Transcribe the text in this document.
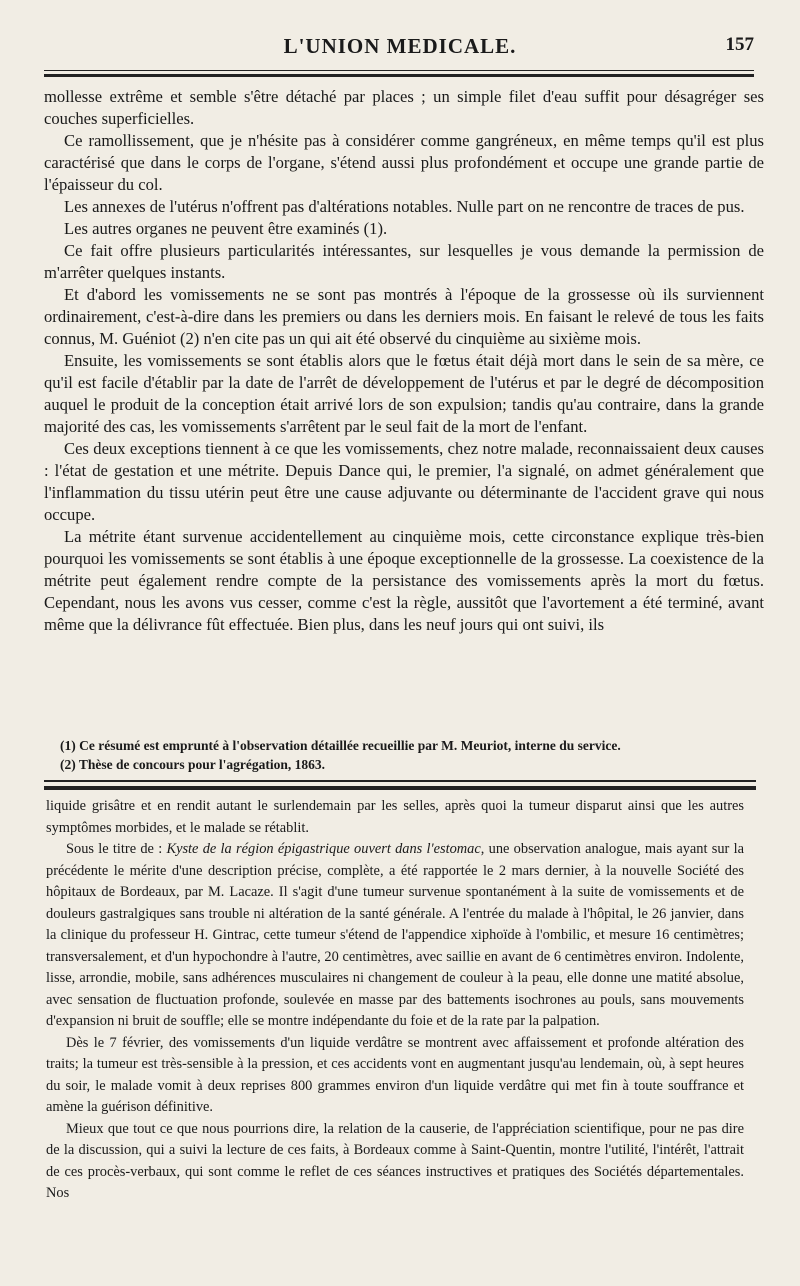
L'UNION MEDICALE.	157

mollesse extrême et semble s'être détaché par places ; un simple filet d'eau suffit pour désagréger ses couches superficielles.

Ce ramollissement, que je n'hésite pas à considérer comme gangréneux, en même temps qu'il est plus caractérisé que dans le corps de l'organe, s'étend aussi plus profondément et occupe une grande partie de l'épaisseur du col.

Les annexes de l'utérus n'offrent pas d'altérations notables. Nulle part on ne rencontre de traces de pus.

Les autres organes ne peuvent être examinés (1).

Ce fait offre plusieurs particularités intéressantes, sur lesquelles je vous demande la permission de m'arrêter quelques instants.

Et d'abord les vomissements ne se sont pas montrés à l'époque de la grossesse où ils surviennent ordinairement, c'est-à-dire dans les premiers ou dans les derniers mois. En faisant le relevé de tous les faits connus, M. Guéniot (2) n'en cite pas un qui ait été observé du cinquième au sixième mois.

Ensuite, les vomissements se sont établis alors que le fœtus était déjà mort dans le sein de sa mère, ce qu'il est facile d'établir par la date de l'arrêt de développement de l'utérus et par le degré de décomposition auquel le produit de la conception était arrivé lors de son expulsion; tandis qu'au contraire, dans la grande majorité des cas, les vomissements s'arrêtent par le seul fait de la mort de l'enfant.

Ces deux exceptions tiennent à ce que les vomissements, chez notre malade, reconnaissaient deux causes : l'état de gestation et une métrite. Depuis Dance qui, le premier, l'a signalé, on admet généralement que l'inflammation du tissu utérin peut être une cause adjuvante ou déterminante de l'accident grave qui nous occupe.

La métrite étant survenue accidentellement au cinquième mois, cette circonstance explique très-bien pourquoi les vomissements se sont établis à une époque exceptionnelle de la grossesse. La coexistence de la métrite peut également rendre compte de la persistance des vomissements après la mort du fœtus. Cependant, nous les avons vus cesser, comme c'est la règle, aussitôt que l'avortement a été terminé, avant même que la délivrance fût effectuée. Bien plus, dans les neuf jours qui ont suivi, ils

(1) Ce résumé est emprunté à l'observation détaillée recueillie par M. Meuriot, interne du service.

(2) Thèse de concours pour l'agrégation, 1863.

liquide grisâtre et en rendit autant le surlendemain par les selles, après quoi la tumeur disparut ainsi que les autres symptômes morbides, et le malade se rétablit.

Sous le titre de : Kyste de la région épigastrique ouvert dans l'estomac, une observation analogue, mais ayant sur la précédente le mérite d'une description précise, complète, a été rapportée le 2 mars dernier, à la nouvelle Société des hôpitaux de Bordeaux, par M. Lacaze. Il s'agit d'une tumeur survenue spontanément à la suite de vomissements et de douleurs gastralgiques sans trouble ni altération de la santé générale. A l'entrée du malade à l'hôpital, le 26 janvier, dans la clinique du professeur H. Gintrac, cette tumeur s'étend de l'appendice xiphoïde à l'ombilic, et mesure 16 centimètres; transversalement, et d'un hypochondre à l'autre, 20 centimètres, avec saillie en avant de 6 centimètres environ. Indolente, lisse, arrondie, mobile, sans adhérences musculaires ni changement de couleur à la peau, elle donne une matité absolue, avec sensation de fluctuation profonde, soulevée en masse par des battements isochrones au pouls, sans mouvements d'expansion ni bruit de souffle; elle se montre indépendante du foie et de la rate par la palpation.

Dès le 7 février, des vomissements d'un liquide verdâtre se montrent avec affaissement et profonde altération des traits; la tumeur est très-sensible à la pression, et ces accidents vont en augmentant jusqu'au lendemain, où, à sept heures du soir, le malade vomit à deux reprises 800 grammes environ d'un liquide verdâtre qui met fin à toute souffrance et amène la guérison définitive.

Mieux que tout ce que nous pourrions dire, la relation de la causerie, de l'appréciation scientifique, pour ne pas dire de la discussion, qui a suivi la lecture de ces faits, à Bordeaux comme à Saint-Quentin, montre l'utilité, l'intérêt, l'attrait de ces procès-verbaux, qui sont comme le reflet de ces séances instructives et pratiques des Sociétés départementales. Nos
